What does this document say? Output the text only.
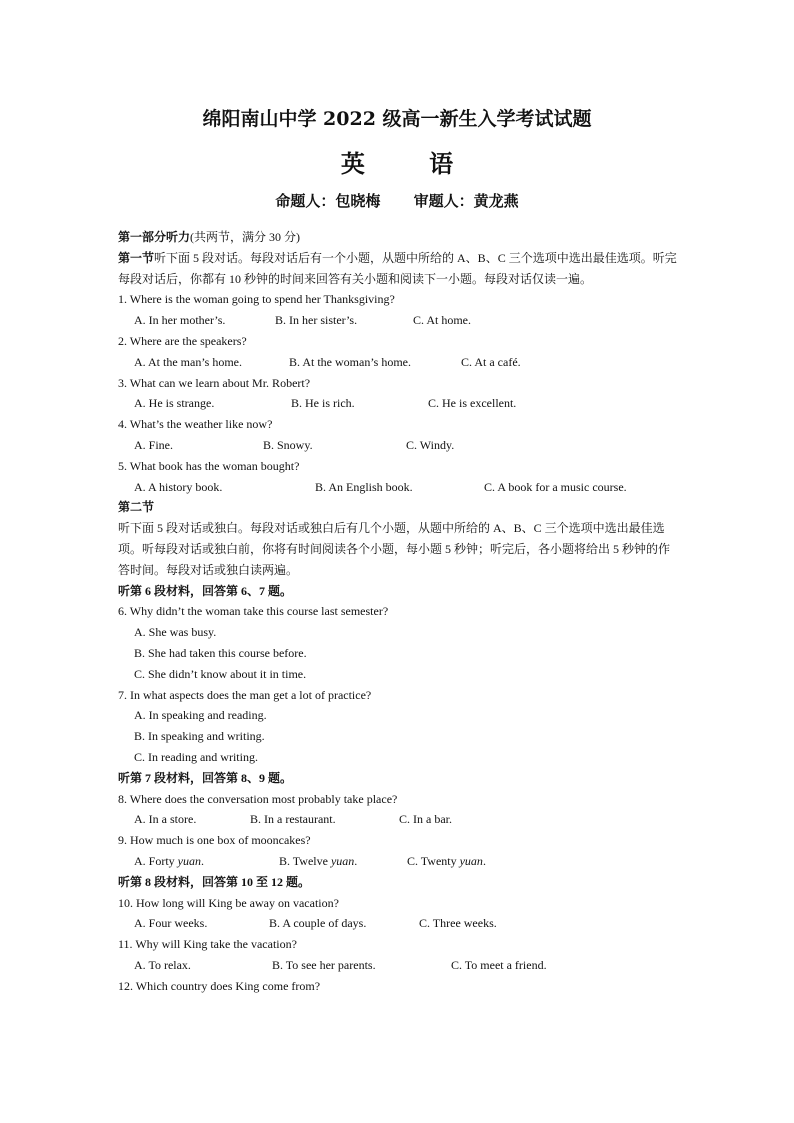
绵阳南山中学 2022 级高一新生入学考试试题
英 语
命题人：包晓梅 审题人：黄龙燕
第一部分听力(共两节，满分 30 分)
第一节听下面 5 段对话。每段对话后有一个小题，从题中所给的 A、B、C 三个选项中选出最佳选项。听完每段对话后，你都有 10 秒钟的时间来回答有关小题和阅读下一小题。每段对话仅读一遍。
1. Where is the woman going to spend her Thanksgiving?
A. In her mother’s.	B. In her sister’s.	C. At home.
2. Where are the speakers?
A. At the man’s home.	B. At the woman’s home.	C. At a café.
3. What can we learn about Mr. Robert?
A. He is strange.	B. He is rich.	C. He is excellent.
4. What’s the weather like now?
A. Fine.	B. Snowy.	C. Windy.
5. What book has the woman bought?
A. A history book.	B. An English book.	C. A book for a music course.
第二节
听下面 5 段对话或独白。每段对话或独白后有几个小题，从题中所给的 A、B、C 三个选项中选出最佳选项。听每段对话或独白前，你将有时间阅读各个小题，每小题 5 秒钟；听完后，各小题将给出 5 秒钟的作答时间。每段对话或独白读两遍。
听第 6 段材料，回答第 6、7 题。
6. Why didn’t the woman take this course last semester?
A. She was busy.
B. She had taken this course before.
C. She didn’t know about it in time.
7. In what aspects does the man get a lot of practice?
A. In speaking and reading.
B. In speaking and writing.
C. In reading and writing.
听第 7 段材料，回答第 8、9 题。
8. Where does the conversation most probably take place?
A. In a store.	B. In a restaurant.	C. In a bar.
9. How much is one box of mooncakes?
A. Forty yuan.	B. Twelve yuan.	C. Twenty yuan.
听第 8 段材料，回答第 10 至 12 题。
10. How long will King be away on vacation?
A. Four weeks.	B. A couple of days.	C. Three weeks.
11. Why will King take the vacation?
A. To relax.	B. To see her parents.	C. To meet a friend.
12. Which country does King come from?
